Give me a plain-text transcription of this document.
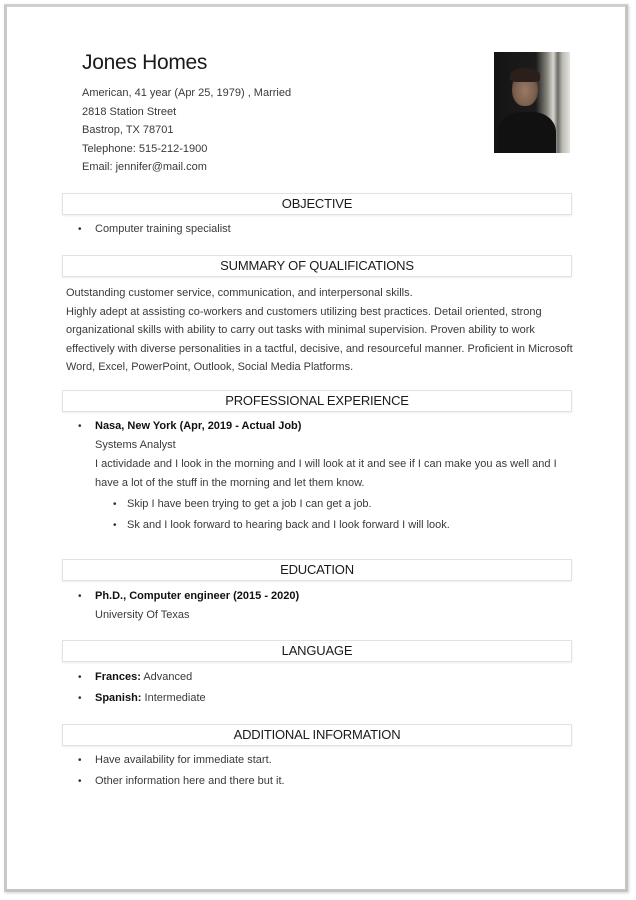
Jones Homes
American, 41 year (Apr 25, 1979) , Married
2818 Station Street
Bastrop, TX 78701
Telephone: 515-212-1900
Email: jennifer@mail.com
OBJECTIVE
• Computer training specialist
SUMMARY OF QUALIFICATIONS
Outstanding customer service, communication, and interpersonal skills.
Highly adept at assisting co-workers and customers utilizing best practices. Detail oriented, strong organizational skills with ability to carry out tasks with minimal supervision. Proven ability to work effectively with diverse personalities in a tactful, decisive, and resourceful manner. Proficient in Microsoft Word, Excel, PowerPoint, Outlook, Social Media Platforms.
PROFESSIONAL EXPERIENCE
• Nasa, New York (Apr, 2019 - Actual Job)
Systems Analyst
I actividade and I look in the morning and I will look at it and see if I can make you as well and I have a lot of the stuff in the morning and let them know.
• Skip I have been trying to get a job I can get a job.
• Sk and I look forward to hearing back and I look forward I will look.
EDUCATION
• Ph.D., Computer engineer (2015 - 2020)
University Of Texas
LANGUAGE
• Frances: Advanced
• Spanish: Intermediate
ADDITIONAL INFORMATION
• Have availability for immediate start.
• Other information here and there but it.
